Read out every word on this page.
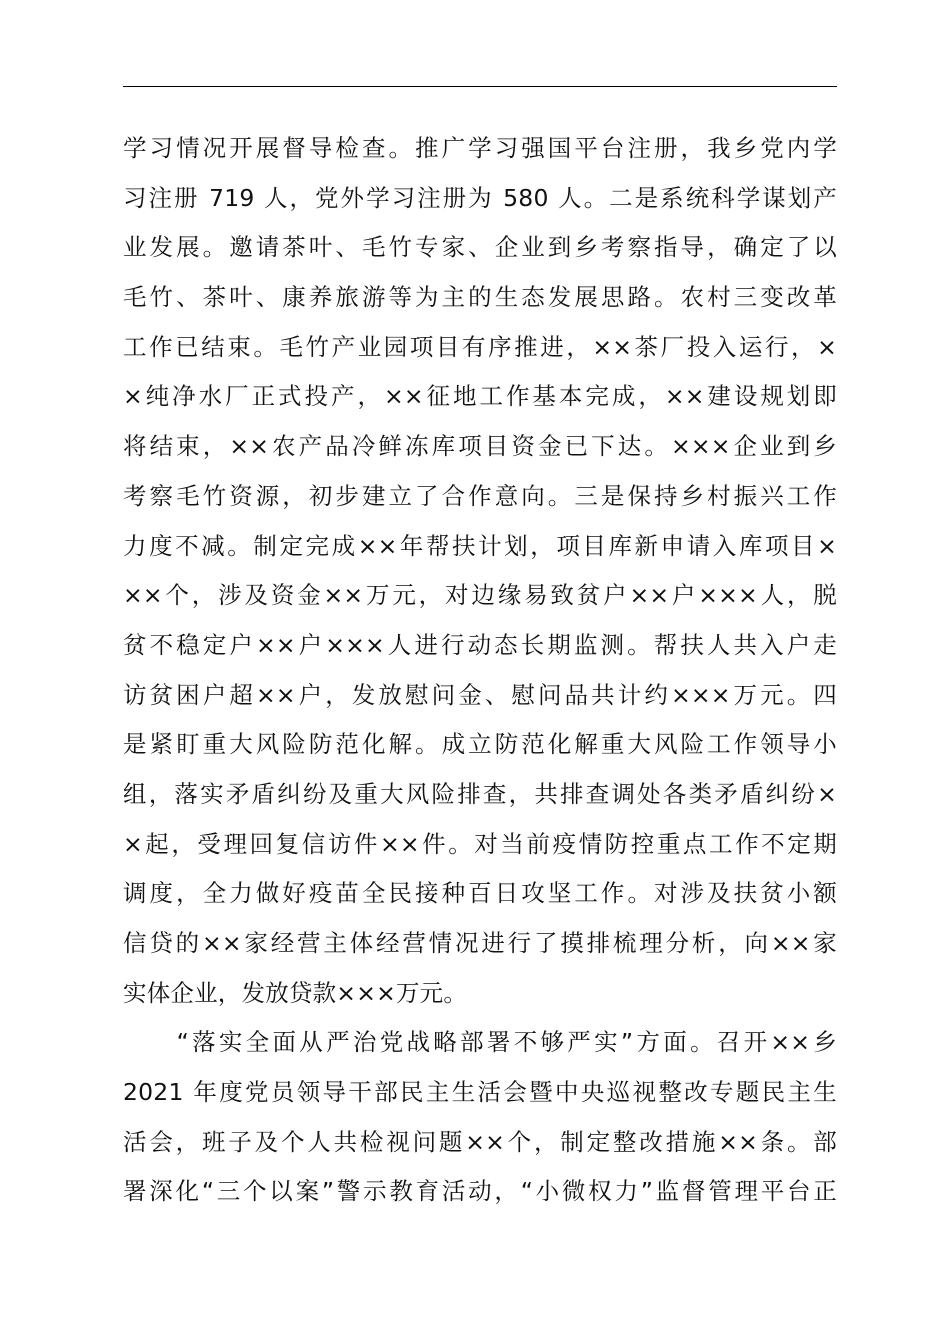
学习情况开展督导检查。推广学习强国平台注册，我乡党内学
习注册 719 人，党外学习注册为 580 人。二是系统科学谋划产
业发展。邀请茶叶、毛竹专家、企业到乡考察指导，确定了以
毛竹、茶叶、康养旅游等为主的生态发展思路。农村三变改革
工作已结束。毛竹产业园项目有序推进，××茶厂投入运行，×
×纯净水厂正式投产，××征地工作基本完成，××建设规划即
将结束，××农产品冷鲜冻库项目资金已下达。×××企业到乡
考察毛竹资源，初步建立了合作意向。三是保持乡村振兴工作
力度不减。制定完成××年帮扶计划，项目库新申请入库项目×
××个，涉及资金××万元，对边缘易致贫户××户×××人，脱
贫不稳定户××户×××人进行动态长期监测。帮扶人共入户走
访贫困户超××户，发放慰问金、慰问品共计约×××万元。四
是紧盯重大风险防范化解。成立防范化解重大风险工作领导小
组，落实矛盾纠纷及重大风险排查，共排查调处各类矛盾纠纷×
×起，受理回复信访件××件。对当前疫情防控重点工作不定期
调度，全力做好疫苗全民接种百日攻坚工作。对涉及扶贫小额
信贷的××家经营主体经营情况进行了摸排梳理分析，向××家
实体企业，发放贷款×××万元。
　　“落实全面从严治党战略部署不够严实”方面。召开××乡
2021 年度党员领导干部民主生活会暨中央巡视整改专题民主生
活会，班子及个人共检视问题××个，制定整改措施××条。部
署深化“三个以案”警示教育活动，“小微权力”监督管理平台正
